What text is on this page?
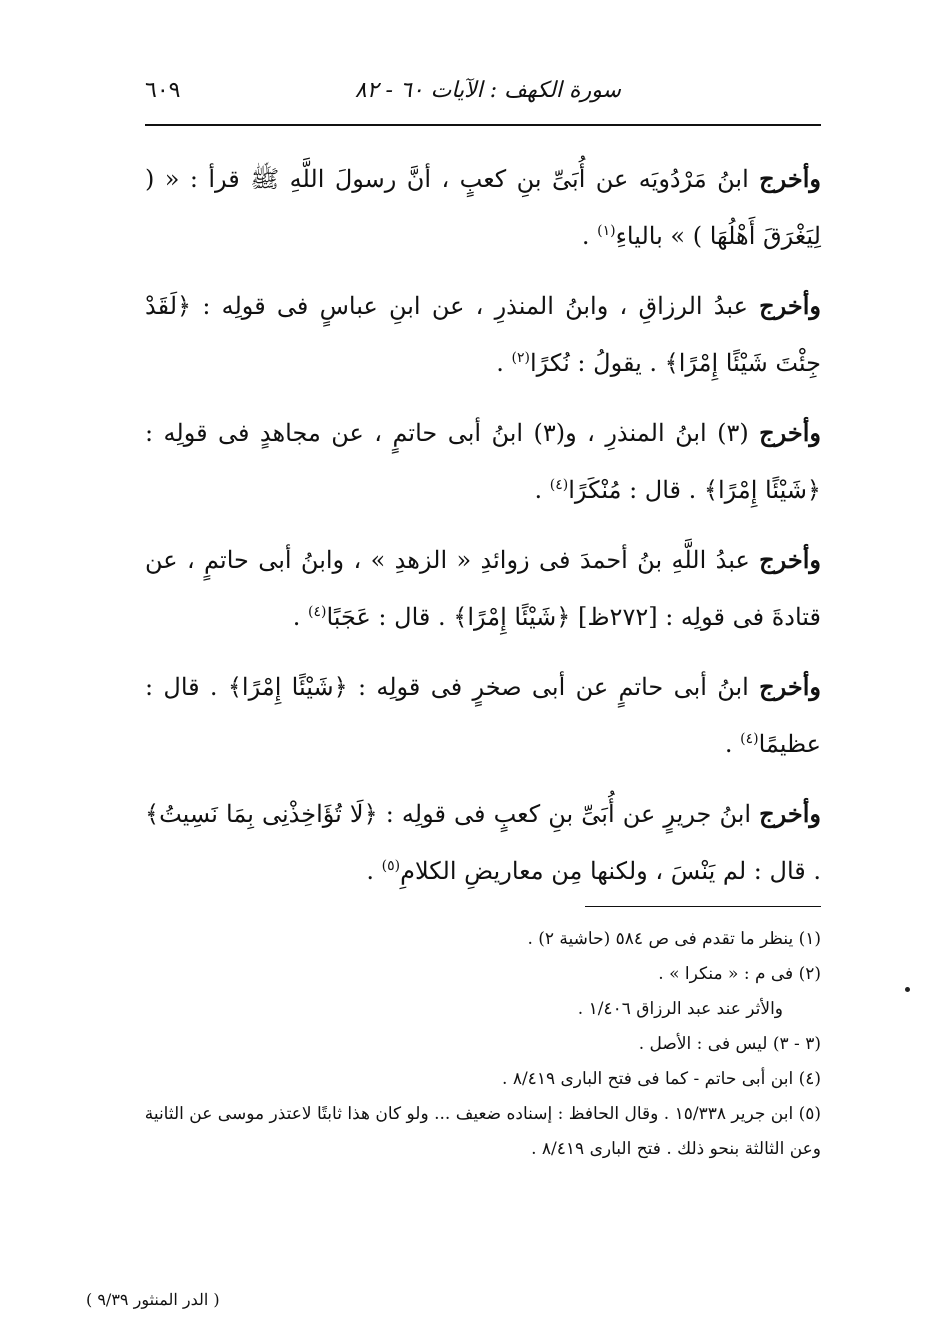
سورة الكهف : الآيات ٦٠ - ٨٢
٦٠٩

وأخرج ابنُ مَرْدُويَه عن أُبَىِّ بنِ كعبٍ ، أنَّ رسولَ اللَّهِ ﷺ قرأ : « ( لِيَغْرَقَ أَهْلُهَا ) » بالياءِ$^{(١)}$ .

وأخرج عبدُ الرزاقِ ، وابنُ المنذرِ ، عن ابنِ عباسٍ فى قولِه : ﴿لَقَدْ جِئْتَ شَيْئًا إِمْرًا﴾ . يقولُ : نُكرًا$^{(٢)}$ .

وأخرج (٣) ابنُ المنذرِ ، و(٣) ابنُ أبى حاتمٍ ، عن مجاهدٍ فى قولِه : ﴿شَيْئًا إِمْرًا﴾ . قال : مُنْكَرًا$^{(٤)}$ .

وأخرج عبدُ اللَّهِ بنُ أحمدَ فى زوائدِ « الزهدِ » ، وابنُ أبى حاتمٍ ، عن قتادةَ فى قولِه : [٢٧٢ظ] ﴿شَيْئًا إِمْرًا﴾ . قال : عَجَبًا$^{(٤)}$ .

وأخرج ابنُ أبى حاتمٍ عن أبى صخرٍ فى قولِه : ﴿شَيْئًا إِمْرًا﴾ . قال : عظيمًا$^{(٤)}$ .

وأخرج ابنُ جريرٍ عن أُبَىِّ بنِ كعبٍ فى قولِه : ﴿لَا تُؤَاخِذْنِى بِمَا نَسِيتُ﴾ . قال : لم يَنْسَ ، ولكنها مِن معاريضِ الكلامِ$^{(٥)}$ .

(١) ينظر ما تقدم فى ص ٥٨٤ (حاشية ٢) .

(٢) فى م : « منكرا » .

والأثر عند عبد الرزاق ١/٤٠٦ .

(٣ - ٣) ليس فى : الأصل .

(٤) ابن أبى حاتم - كما فى فتح البارى ٨/٤١٩ .

(٥) ابن جرير ١٥/٣٣٨ . وقال الحافظ : إسناده ضعيف ... ولو كان هذا ثابتًا لاعتذر موسى عن الثانية وعن الثالثة بنحو ذلك . فتح البارى ٨/٤١٩ .

( الدر المنثور ٩/٣٩ )
